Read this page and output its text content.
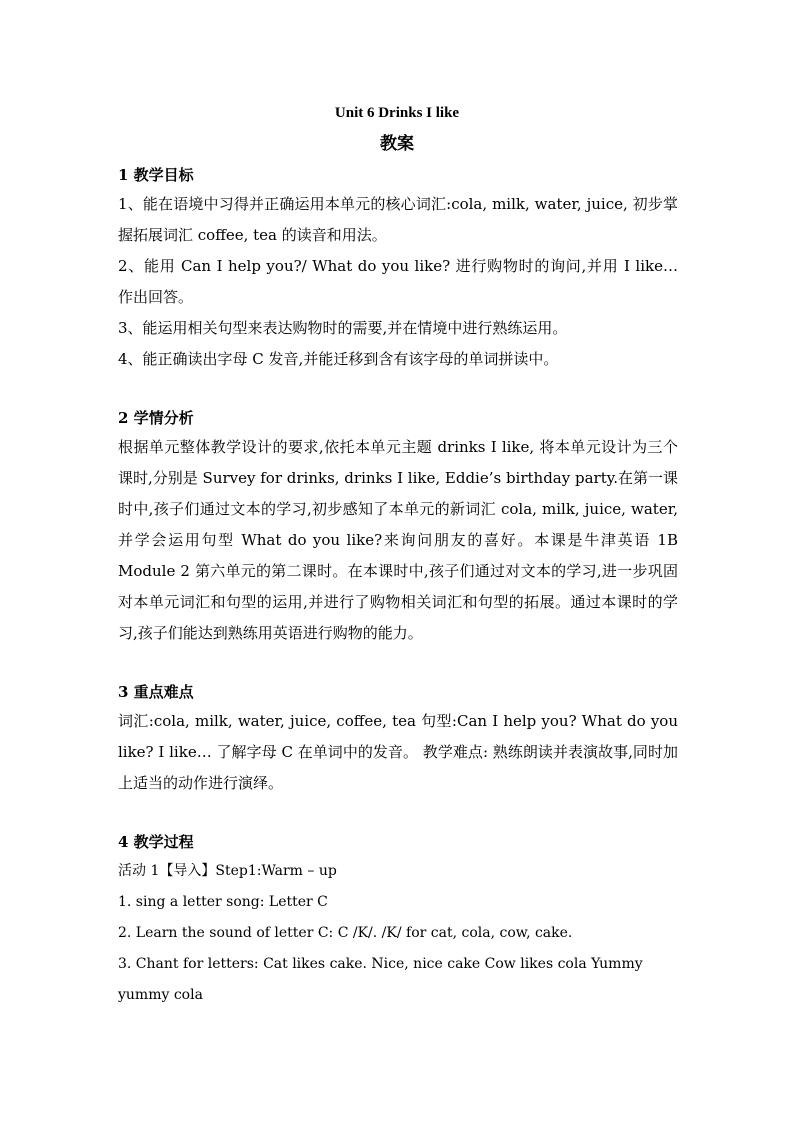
Unit 6 Drinks I like
教案

1 教学目标

1、能在语境中习得并正确运用本单元的核心词汇:cola, milk, water, juice, 初步掌握拓展词汇 coffee, tea 的读音和用法。

2、能用 Can I help you?/ What do you like? 进行购物时的询问,并用 I like… 作出回答。

3、能运用相关句型来表达购物时的需要,并在情境中进行熟练运用。

4、能正确读出字母 C 发音,并能迁移到含有该字母的单词拼读中。

2 学情分析

根据单元整体教学设计的要求,依托本单元主题 drinks I like, 将本单元设计为三个课时,分别是 Survey for drinks, drinks I like, Eddie’s birthday party.在第一课时中,孩子们通过文本的学习,初步感知了本单元的新词汇 cola, milk, juice, water,并学会运用句型 What do you like?来询问朋友的喜好。本课是牛津英语 1B Module 2 第六单元的第二课时。在本课时中,孩子们通过对文本的学习,进一步巩固对本单元词汇和句型的运用,并进行了购物相关词汇和句型的拓展。通过本课时的学习,孩子们能达到熟练用英语进行购物的能力。

3 重点难点

词汇:cola, milk, water, juice, coffee, tea 句型:Can I help you? What do you like? I like… 了解字母 C 在单词中的发音。 教学难点: 熟练朗读并表演故事,同时加上适当的动作进行演绎。

4 教学过程

活动 1【导入】Step1:Warm – up

1. sing a letter song: Letter C

2. Learn the sound of letter C: C /K/. /K/ for cat, cola, cow, cake.

3. Chant for letters: Cat likes cake. Nice, nice cake Cow likes cola Yummy yummy cola
